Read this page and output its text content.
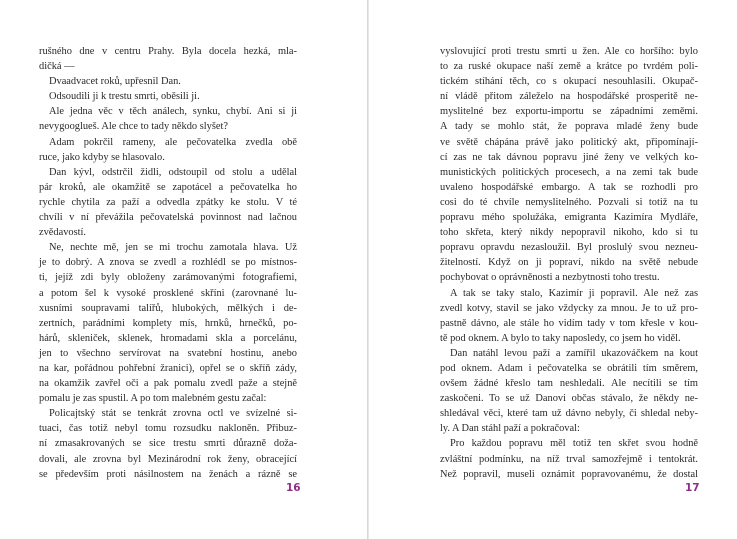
rušného dne v centru Prahy. Byla docela hezká, mla-
dičká —
Dvaadvacet roků, upřesnil Dan.
Odsoudili ji k trestu smrti, oběsili ji.
Ale jedna věc v těch análech, synku, chybí. Ani si ji
nevygooglueš. Ale chce to tady někdo slyšet?
Adam pokrčil rameny, ale pečovatelka zvedla obě
ruce, jako kdyby se hlasovalo.
Dan kývl, odstrčil židli, odstoupil od stolu a udělal
pár kroků, ale okamžitě se zapotácel a pečovatelka ho
rychle chytila za paží a odvedla zpátky ke stolu. V té
chvíli v ní převážila pečovatelská povinnost nad lačnou
zvědavostí.
Ne, nechte mě, jen se mi trochu zamotala hlava. Už
je to dobrý. A znova se zvedl a rozhlédl se po místnos-
ti, jejíž zdi byly obloženy zarámovanými fotografiemi,
a potom šel k vysoké prosklené skříni (zarovnané lu-
xusními soupravami talířů, hlubokých, mělkých i de-
zertních, parádními komplety mís, hrnků, hrnečků, po-
hárů, skleniček, sklenek, hromadami skla a porcelánu,
jen to všechno servírovat na svatební hostinu, anebo
na kar, pořádnou pohřební žranici), opřel se o skříň zády,
na okamžik zavřel oči a pak pomalu zvedl paže a stejně
pomalu je zas spustil. A po tom malebném gestu začal:
Policajtský stát se tenkrát zrovna octl ve svízelné si-
tuaci, čas totiž nebyl tomu rozsudku nakloněn. Přibuz-
ní zmasakrovaných se sice trestu smrti důrazně doža-
dovali, ale zrovna byl Mezinárodní rok ženy, obracející
se především proti násilnostem na ženách a rázně se
16
vyslovující proti trestu smrti u žen. Ale co horšího: bylo
to za ruské okupace naší země a krátce po tvrdém poli-
tickém stíhání těch, co s okupací nesouhlasili. Okupač-
ní vládě přitom záleželo na hospodářské prosperitě ne-
myslitelné bez exportu-importu se západními zeměmi.
A tady se mohlo stát, že poprava mladé ženy bude
ve světě chápána právě jako politický akt, připomínají-
cí zas ne tak dávnou popravu jiné ženy ve velkých ko-
munistických politických procesech, a na zemi tak bude
uvaleno hospodářské embargo. A tak se rozhodli pro
cosi do té chvíle nemyslitelného. Pozvali si totiž na tu
popravu mého spolužáka, emigranta Kazimíra Mydláře,
toho skřeta, který nikdy nepopravil nikoho, kdo si tu
popravu opravdu nezasloužil. Byl proslulý svou nezneu-
žitelností. Když on ji popraví, nikdo na světě nebude
pochybovat o oprávněnosti a nezbytnosti toho trestu.
A tak se taky stalo, Kazimír ji popravil. Ale než zas
zvedl kotvy, stavil se jako vždycky za mnou. Je to už pro-
pastně dávno, ale stále ho vidím tady v tom křesle v kou-
tě pod oknem. A bylo to taky naposledy, co jsem ho viděl.
Dan natáhl levou paží a zamířil ukazováčkem na kout
pod oknem. Adam i pečovatelka se obrátili tím směrem,
ovšem žádné křeslo tam neshledali. Ale necítili se tím
zaskočeni. To se už Danovi občas stávalo, že někdy ne-
shledával věci, které tam už dávno nebyly, či shledal neby-
ly. A Dan stáhl paží a pokračoval:
Pro každou popravu měl totiž ten skřet svou hodně
zvláštní podmínku, na níž trval samozřejmě i tentokrát.
Než popravil, museli oznámit popravovanému, že dostal
17
